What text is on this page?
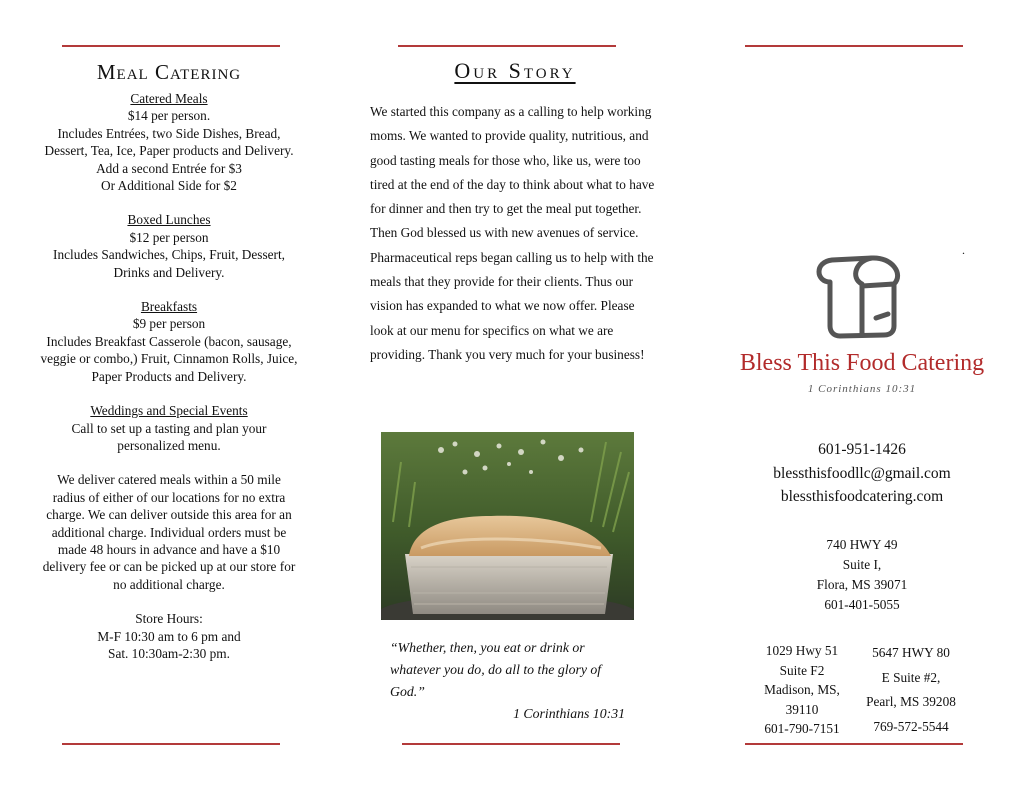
Meal Catering

Catered Meals

$14 per person.

Includes Entrées, two Side Dishes, Bread, Dessert, Tea, Ice, Paper products and Delivery.

Add a second Entrée for $3

Or Additional Side for $2

Boxed Lunches

$12 per person

Includes Sandwiches, Chips, Fruit, Dessert, Drinks and Delivery.

Breakfasts

$9 per person

Includes Breakfast Casserole (bacon, sausage, veggie or combo,) Fruit, Cinnamon Rolls, Juice, Paper Products and Delivery.

Weddings and Special Events

Call to set up a tasting and plan your personalized menu.

We deliver catered meals within a 50 mile radius of either of our locations for no extra charge. We can deliver outside this area for an additional charge. Individual orders must be made 48 hours in advance and have a $10 delivery fee or can be picked up at our store for no additional charge.

Store Hours:

M-F 10:30 am to 6 pm and

Sat. 10:30am-2:30 pm.

Our Story
We started this company as a calling to help working moms. We wanted to provide quality, nutritious, and good tasting meals for those who, like us, were too tired at the end of the day to think about what to have for dinner and then try to get the meal put together. Then God blessed us with new avenues of service. Pharmaceutical reps began calling us to help with the meals that they provide for their clients. Thus our vision has expanded to what we now offer. Please look at our menu for specifics on what we are providing. Thank you very much for your business!
“Whether, then, you eat or drink or whatever you do, do all to the glory of God.”
1 Corinthians 10:31
Bless This Food Catering
1 Corinthians 10:31
601-951-1426
blessthisfoodllc@gmail.com
blessthisfoodcatering.com
740 HWY 49
Suite I,
Flora, MS 39071
601-401-5055
1029 Hwy 51
Suite F2
Madison, MS,
39110
601-790-7151
5647 HWY 80
E Suite #2,
Pearl, MS 39208
769-572-5544
.
